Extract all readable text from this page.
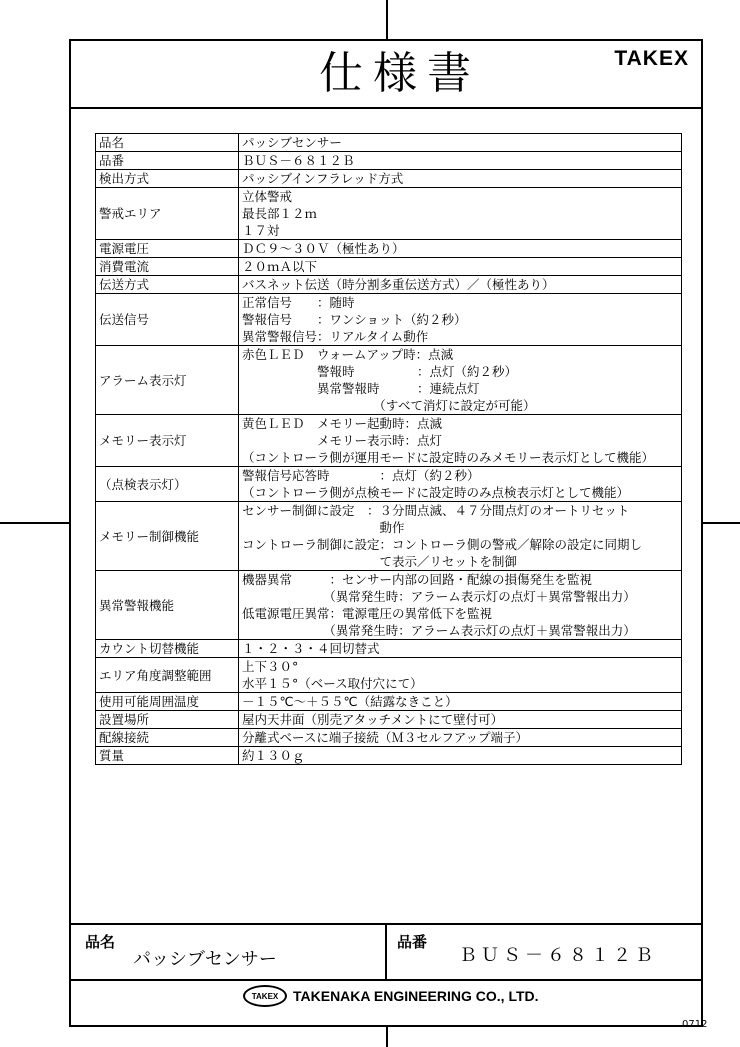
仕様書	TAKEX
品名	パッシブセンサー

品番	ＢＵＳ－６８１２Ｂ

検出方式	パッシブインフラレッド方式

警戒エリア	立体警戒
最長部１２ｍ
１７対

電源電圧	ＤＣ９～３０Ｖ（極性あり）

消費電流	２０ｍＡ以下

伝送方式	バスネット伝送（時分割多重伝送方式）／（極性あり）

伝送信号	正常信号　　：随時
警報信号　　：ワンショット（約２秒）
異常警報信号：リアルタイム動作

アラーム表示灯	赤色ＬＥＤ　ウォームアップ時：点滅
　　　　　　警報時　　　　　：点灯（約２秒）
　　　　　　異常警報時　　　：連続点灯
　　　　　　　　　　　（すべて消灯に設定が可能）

メモリー表示灯	黄色ＬＥＤ　メモリー起動時：点滅
　　　　　　メモリー表示時：点灯
（コントローラ側が運用モードに設定時のみメモリー表示灯として機能）

（点検表示灯）	警報信号応答時　　　　：点灯（約２秒）
（コントローラ側が点検モードに設定時のみ点検表示灯として機能）

メモリー制御機能	センサー制御に設定　：３分間点滅、４７分間点灯のオートリセット
　　　　　　　　　　　動作
コントローラ制御に設定：コントローラ側の警戒／解除の設定に同期し
　　　　　　　　　　　て表示／リセットを制御

異常警報機能	機器異常　　　：センサー内部の回路・配線の損傷発生を監視
　　　　　　　（異常発生時：アラーム表示灯の点灯＋異常警報出力）
低電源電圧異常：電源電圧の異常低下を監視
　　　　　　　（異常発生時：アラーム表示灯の点灯＋異常警報出力）

カウント切替機能	１・２・３・４回切替式

エリア角度調整範囲	上下３０°
水平１５°（ベース取付穴にて）

使用可能周囲温度	－１５℃～＋５５℃（結露なきこと）

設置場所	屋内天井面（別売アタッチメントにて壁付可）

配線接続	分離式ベースに端子接続（Ｍ３セルフアップ端子）

質量	約１３０ｇ
品名
パッシブセンサー
品番
ＢＵＳ－６８１２Ｂ
TAKEX	TAKENAKA ENGINEERING CO., LTD.
0712
